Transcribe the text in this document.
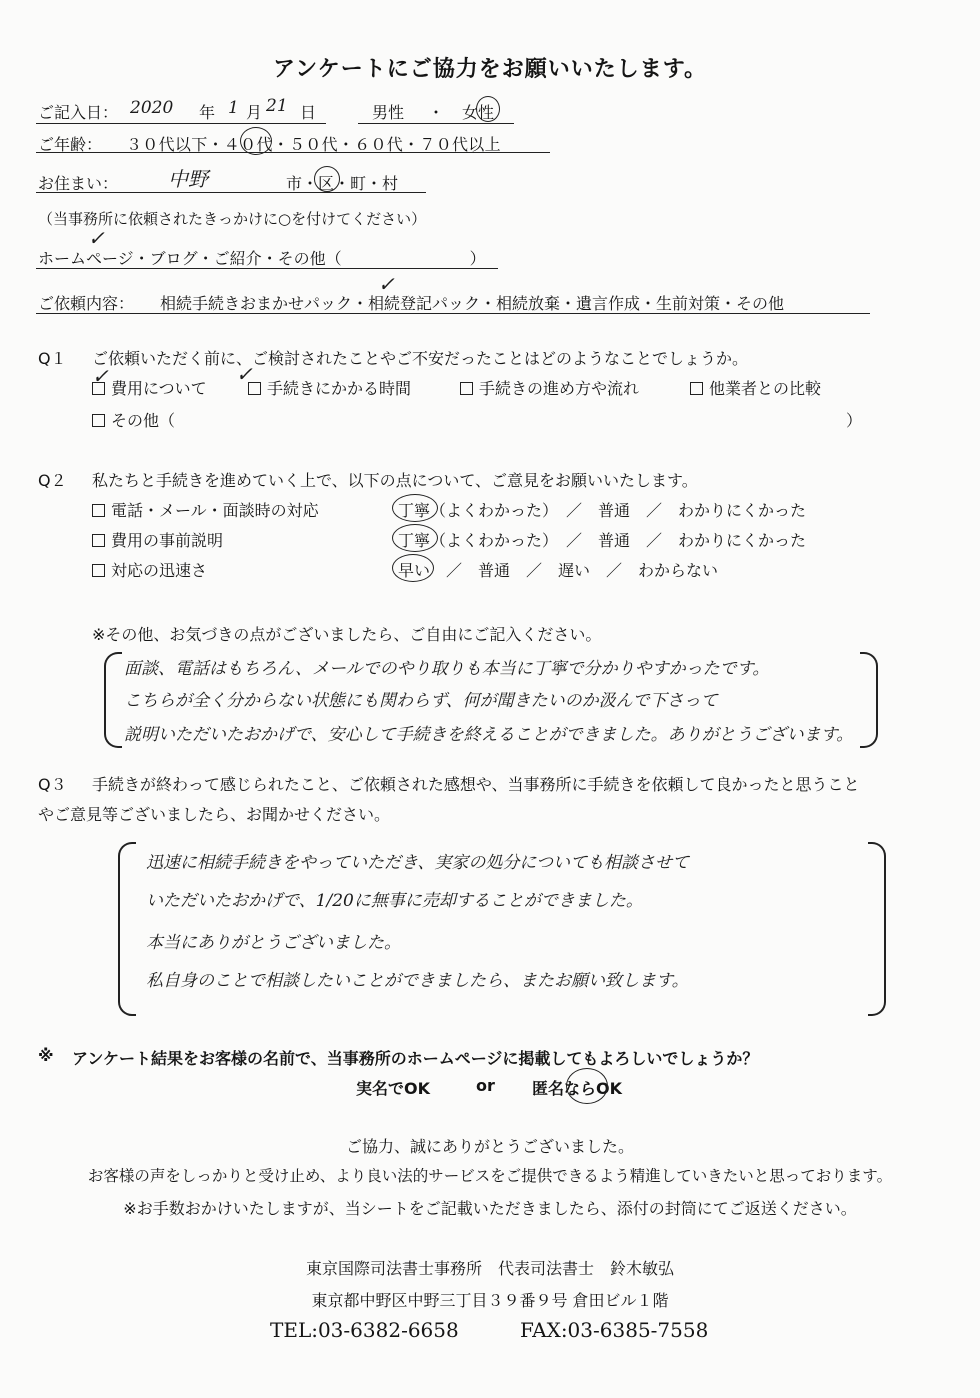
アンケートにご協力をお願いいたします。
ご記入日： 2020 年 1 月 21 日	男性 ・ 女性
ご年齢： ３０代以下・４０代・５０代・６０代・７０代以上
お住まい： 中野	市・区・町・村
（当事務所に依頼されたきっかけに○を付けてください）
ホームページ・ブログ・ご紹介・その他（　　　　　　　　）
✓
ご依頼内容： 相続手続きおまかせパック・相続登記パック・相続放棄・遺言作成・生前対策・その他
✓
Q１ ご依頼いただく前に、ご検討されたことやご不安だったことはどのようなことでしょうか。
費用について	手続きにかかる時間	手続きの進め方や流れ	他業者との比較
その他（	）
✓	✓
Q２ 私たちと手続きを進めていく上で、以下の点について、ご意見をお願いいたします。
電話・メール・面談時の対応	丁寧（よくわかった）　／　普通　／　わかりにくかった
費用の事前説明	丁寧（よくわかった）　／　普通　／　わかりにくかった
対応の迅速さ	早い　／　普通　／　遅い　／　わからない
※その他、お気づきの点がございましたら、ご自由にご記入ください。
面談、電話はもちろん、メールでのやり取りも本当に丁寧で分かりやすかったです。
こちらが全く分からない状態にも関わらず、何が聞きたいのか汲んで下さって
説明いただいたおかげで、安心して手続きを終えることができました。ありがとうございます。
Q３ 手続きが終わって感じられたこと、ご依頼された感想や、当事務所に手続きを依頼して良かったと思うこと
やご意見等ございましたら、お聞かせください。
迅速に相続手続きをやっていただき、実家の処分についても相談させて
いただいたおかげで、1/20に無事に売却することができました。
本当にありがとうございました。
私自身のことで相談したいことができましたら、またお願い致します。
※ アンケート結果をお客様の名前で、当事務所のホームページに掲載してもよろしいでしょうか？
実名でOK	or 匿名ならOK
ご協力、誠にありがとうございました。
お客様の声をしっかりと受け止め、より良い法的サービスをご提供できるよう精進していきたいと思っております。
※お手数おかけいたしますが、当シートをご記載いただきましたら、添付の封筒にてご返送ください。
東京国際司法書士事務所　代表司法書士　鈴木敏弘
東京都中野区中野三丁目３９番９号 倉田ビル１階
TEL:03-6382-6658	FAX:03-6385-7558
